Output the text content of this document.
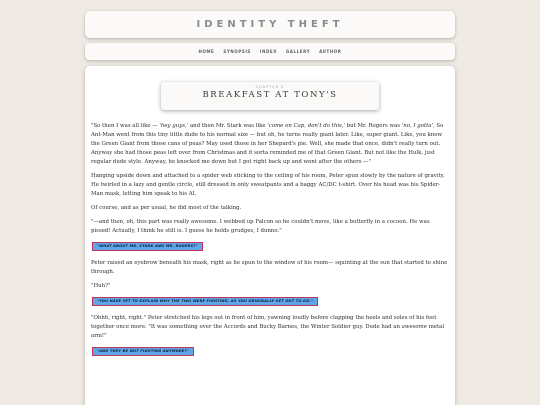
IDENTITY THEFT
HOME SYNOPSIS INDEX GALLERY AUTHOR
CHAPTER 6
BREAKFAST AT TONY'S

"So then I was all like — 'hey guys,' and then Mr. Stark was like 'come on Cap, don't do this,' but Mr. Rogers was 'no, I gotta', So Ant-Man went from this tiny little dude to his normal size — but oh, he turns really giant later. Like, super giant. Like, you know the Green Giant from those cans of peas? May used those in her Shepard's pie. Well, she made that once, didn't really turn out. Anyway she had those peas left over from Christmas and it sorta reminded me of that Green Giant. But not like the Hulk, just regular dude style. Anyway, he knocked me down but I got right back up and went after the others —"

Hanging upside down and attached to a spider web sticking to the ceiling of his room, Peter spun slowly by the nature of gravity. He twirled in a lazy and gentle circle, still dressed in only sweatpants and a baggy AC/DC t-shirt. Over his head was his Spider-Man mask, letting him speak to his AI.

Of course, and as per usual, he did most of the talking.

"—and then, oh, this part was really awesome. I webbed up Falcon so he couldn't move, like a butterfly in a cocoon. He was pissed! Actually, I think he still is. I guess he holds grudges, I dunno."

"WHAT ABOUT MR. STARK AND MR. ROGERS?"

Peter raised an eyebrow beneath his mask, right as he spun to the window of his room— squinting at the sun that started to shine through.

"Huh?"

"YOU HAVE YET TO EXPLAIN WHY THE TWO WERE FIGHTING, AS YOU ORIGINALLY SET OUT TO DO."

"Ohhh, right, right." Peter stretched his legs out in front of him, yawning loudly before clapping the heels and soles of his feet together once more. "It was something over the Accords and Bucky Barnes, the Winter Soldier guy. Dude had an awesome metal arm!"

"AND THEY BE NOT FIGHTING ANYMORE?"
